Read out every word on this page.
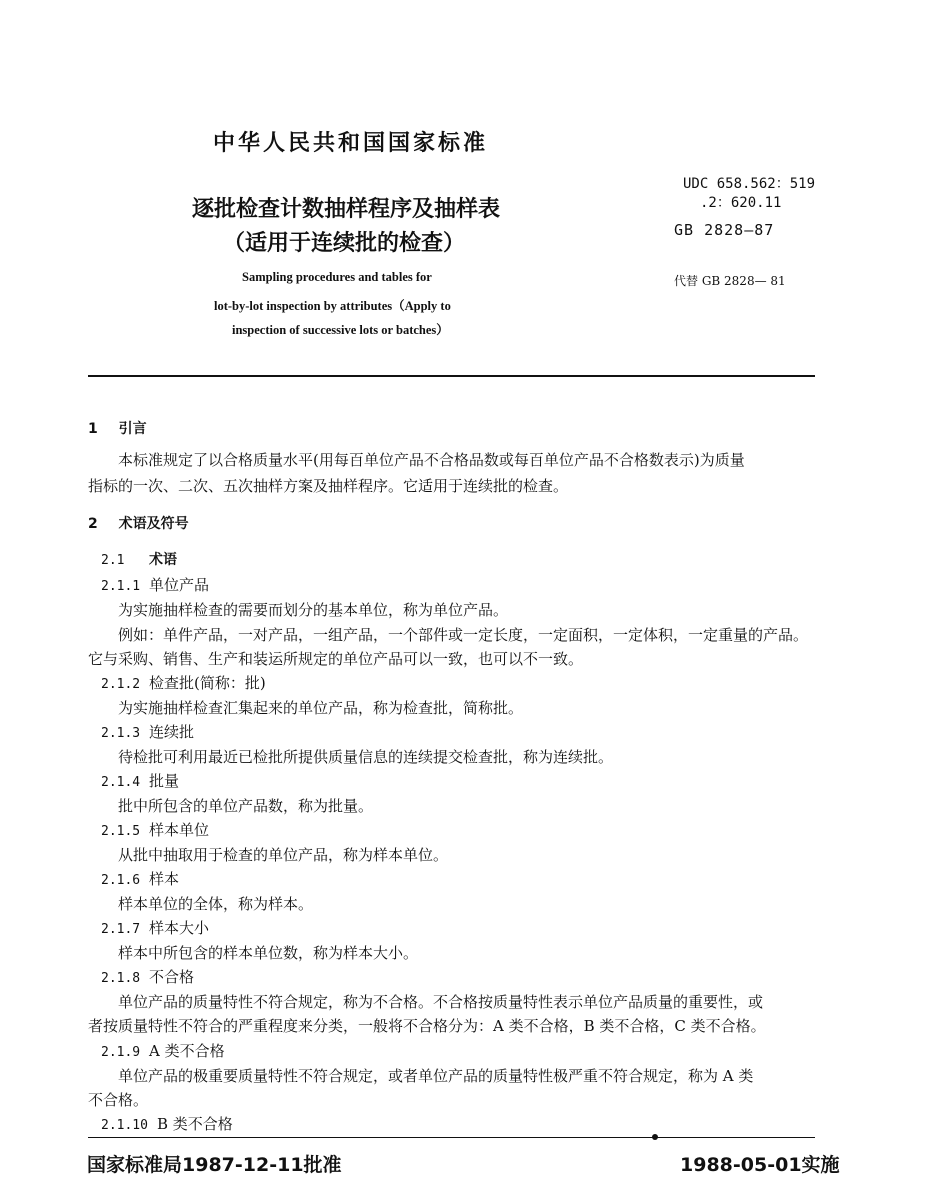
中华人民共和国国家标准
UDC 658.562：519
.2：620.11
GB 2828—87
代替 GB 2828— 81
逐批检查计数抽样程序及抽样表
（适用于连续批的检查）
Sampling procedures and tables for
lot-by-lot inspection by attributes（Apply to
inspection of successive lots or batches）
1 引言
本标准规定了以合格质量水平(用每百单位产品不合格品数或每百单位产品不合格数表示)为质量
指标的一次、二次、五次抽样方案及抽样程序。它适用于连续批的检查。
2 术语及符号
2.1 术语
2.1.1 单位产品
为实施抽样检查的需要而划分的基本单位，称为单位产品。
例如：单件产品，一对产品，一组产品，一个部件或一定长度，一定面积，一定体积，一定重量的产品。
它与采购、销售、生产和装运所规定的单位产品可以一致，也可以不一致。
2.1.2 检查批(简称：批)
为实施抽样检查汇集起来的单位产品，称为检查批，简称批。
2.1.3 连续批
待检批可利用最近已检批所提供质量信息的连续提交检查批，称为连续批。
2.1.4 批量
批中所包含的单位产品数，称为批量。
2.1.5 样本单位
从批中抽取用于检查的单位产品，称为样本单位。
2.1.6 样本
样本单位的全体，称为样本。
2.1.7 样本大小
样本中所包含的样本单位数，称为样本大小。
2.1.8 不合格
单位产品的质量特性不符合规定，称为不合格。不合格按质量特性表示单位产品质量的重要性，或
者按质量特性不符合的严重程度来分类，一般将不合格分为：A 类不合格，B 类不合格，C 类不合格。
2.1.9 A 类不合格
单位产品的极重要质量特性不符合规定，或者单位产品的质量特性极严重不符合规定，称为 A 类
不合格。
2.1.10 B 类不合格
国家标准局1987-12-11批准	1988-05-01实施
